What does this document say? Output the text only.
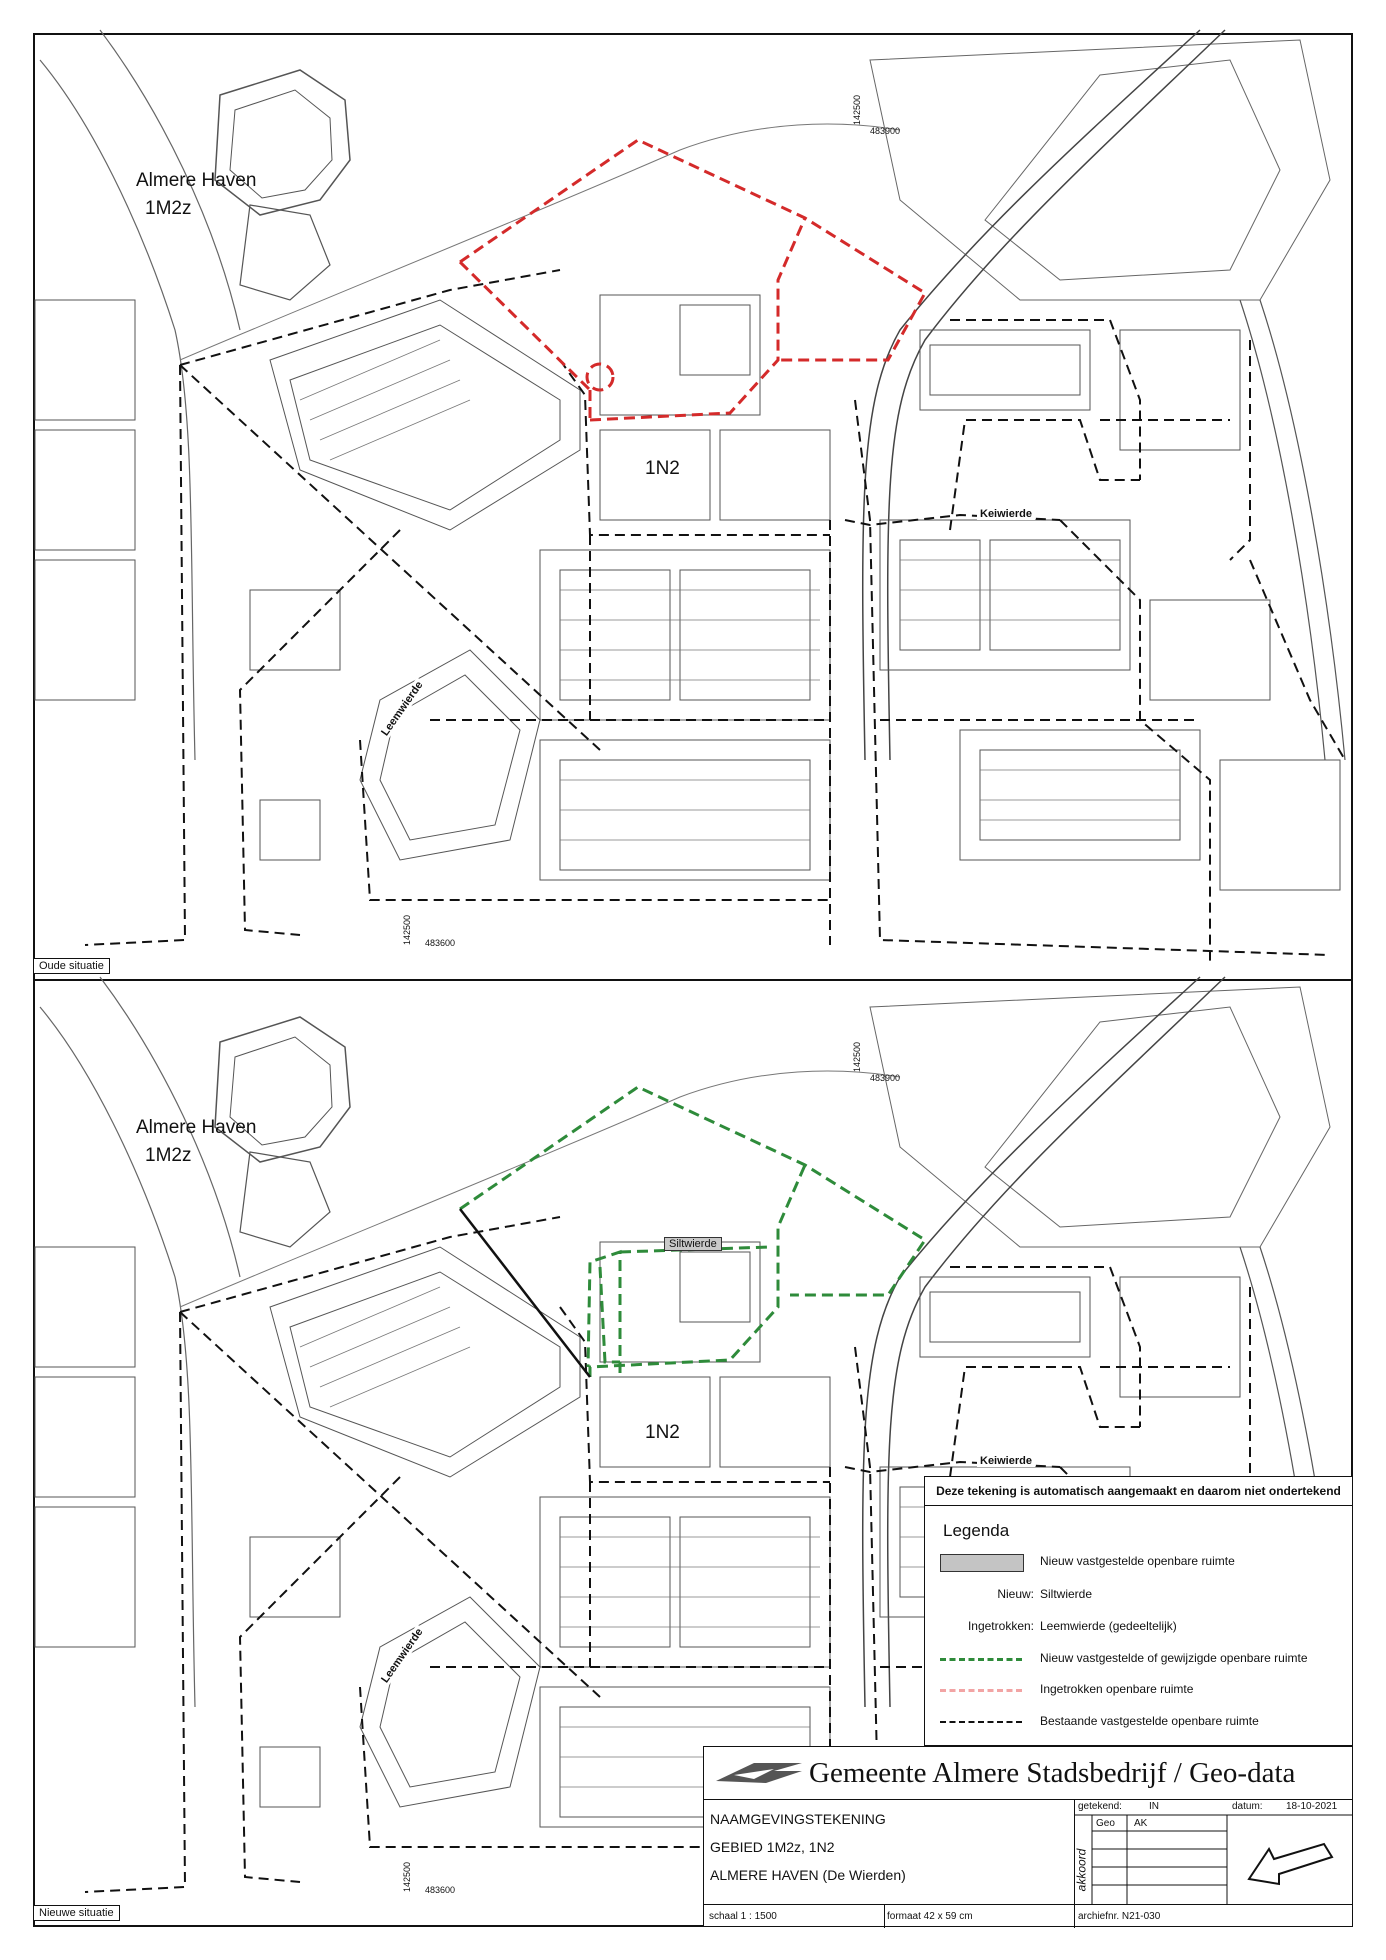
Oude situatie
Nieuwe situatie
Almere Haven
1M2z
1N2
Keiwierde
Leemwierde
142500
483900
142500 483600
Almere Haven
1M2z
1N2
Keiwierde
Leemwierde
Siltwierde
142500
483900
142500 483600
Deze tekening is automatisch aangemaakt en daarom niet ondertekend
Legenda
Nieuw vastgestelde openbare ruimte
Nieuw: Siltwierde
Ingetrokken: Leemwierde (gedeeltelijk)
Nieuw vastgestelde of gewijzigde openbare ruimte
Ingetrokken openbare ruimte
Bestaande vastgestelde openbare ruimte
Gemeente Almere Stadsbedrijf / Geo-data
NAAMGEVINGSTEKENING
GEBIED 1M2z, 1N2
ALMERE HAVEN (De Wierden)
getekend:	IN	datum: 18-10-2021
Geo AK
akkoord
schaal 1 : 1500	formaat 42 x 59 cm	archiefnr. N21-030
